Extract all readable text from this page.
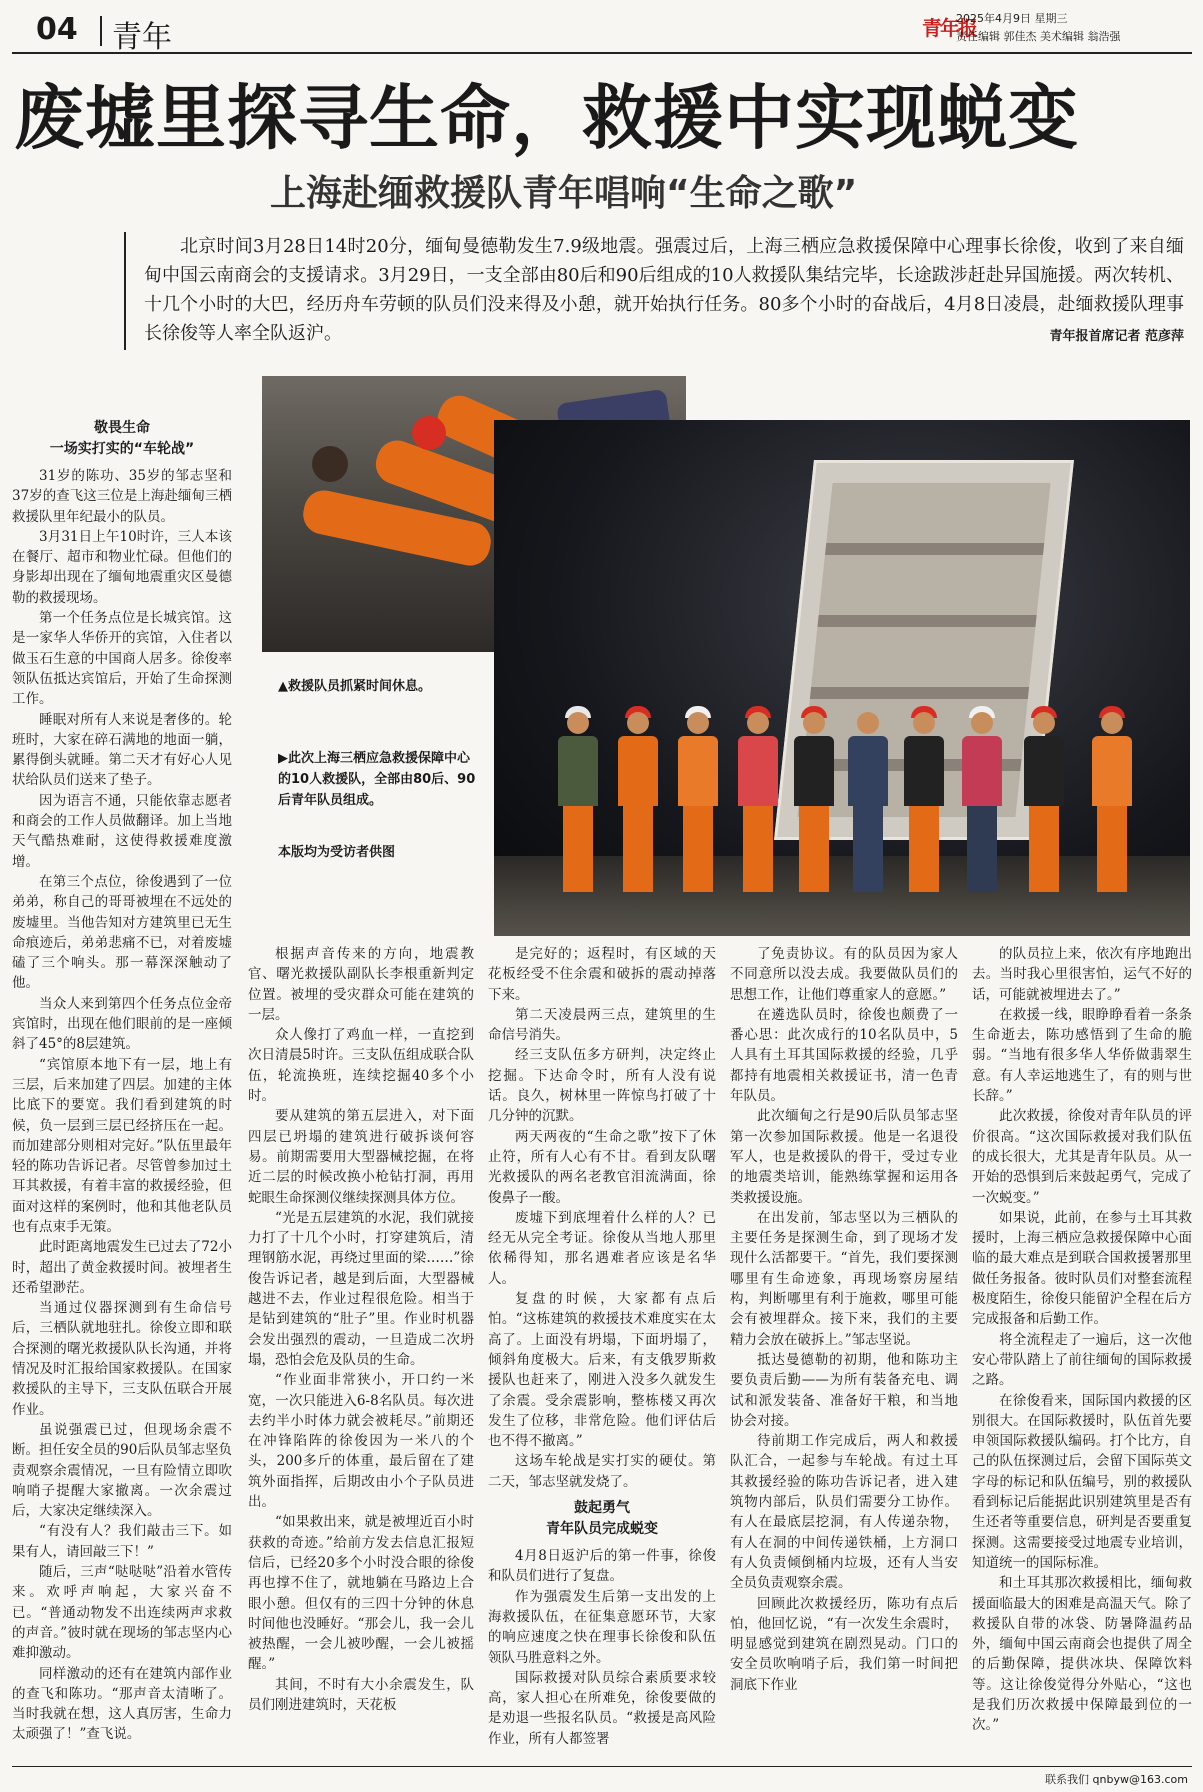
04 青年	青年报
2025年4月9日 星期三
责任编辑 郭佳杰 美术编辑 翁浩强
废墟里探寻生命，救援中实现蜕变
上海赴缅救援队青年唱响“生命之歌”
北京时间3月28日14时20分，缅甸曼德勒发生7.9级地震。强震过后，上海三栖应急救援保障中心理事长徐俊，收到了来自缅甸中国云南商会的支援请求。3月29日，一支全部由80后和90后组成的10人救援队集结完毕，长途跋涉赶赴异国施援。两次转机、十几个小时的大巴，经历舟车劳顿的队员们没来得及小憩，就开始执行任务。80多个小时的奋战后，4月8日凌晨，赴缅救援队理事长徐俊等人率全队返沪。	青年报首席记者 范彦萍
▲救援队员抓紧时间休息。
▶此次上海三栖应急救援保障中心的10人救援队，全部由80后、90后青年队员组成。
本版均为受访者供图
敬畏生命
一场实打实的“车轮战”

31岁的陈功、35岁的邹志坚和37岁的查飞这三位是上海赴缅甸三栖救援队里年纪最小的队员。

3月31日上午10时许，三人本该在餐厅、超市和物业忙碌。但他们的身影却出现在了缅甸地震重灾区曼德勒的救援现场。

第一个任务点位是长城宾馆。这是一家华人华侨开的宾馆，入住者以做玉石生意的中国商人居多。徐俊率领队伍抵达宾馆后，开始了生命探测工作。

睡眠对所有人来说是奢侈的。轮班时，大家在碎石满地的地面一躺，累得倒头就睡。第二天才有好心人见状给队员们送来了垫子。

因为语言不通，只能依靠志愿者和商会的工作人员做翻译。加上当地天气酷热难耐，这使得救援难度激增。

在第三个点位，徐俊遇到了一位弟弟，称自己的哥哥被埋在不远处的废墟里。当他告知对方建筑里已无生命痕迹后，弟弟悲痛不已，对着废墟磕了三个响头。那一幕深深触动了他。

当众人来到第四个任务点位金帝宾馆时，出现在他们眼前的是一座倾斜了45°的8层建筑。

“宾馆原本地下有一层，地上有三层，后来加建了四层。加建的主体比底下的要宽。我们看到建筑的时候，负一层到三层已经挤压在一起。而加建部分则相对完好。”队伍里最年轻的陈功告诉记者。尽管曾参加过土耳其救援，有着丰富的救援经验，但面对这样的案例时，他和其他老队员也有点束手无策。

此时距离地震发生已过去了72小时，超出了黄金救援时间。被埋者生还希望渺茫。

当通过仪器探测到有生命信号后，三栖队就地驻扎。徐俊立即和联合探测的曙光救援队队长沟通，并将情况及时汇报给国家救援队。在国家救援队的主导下，三支队伍联合开展作业。

虽说强震已过，但现场余震不断。担任安全员的90后队员邹志坚负责观察余震情况，一旦有险情立即吹响哨子提醒大家撤离。一次余震过后，大家决定继续深入。

“有没有人？我们敲击三下。如果有人，请回敲三下！”

随后，三声“哒哒哒”沿着水管传来。欢呼声响起，大家兴奋不已。“普通动物发不出连续两声求救的声音。”彼时就在现场的邹志坚内心难抑激动。

同样激动的还有在建筑内部作业的查飞和陈功。“那声音太清晰了。当时我就在想，这人真厉害，生命力太顽强了！”查飞说。

根据声音传来的方向，地震教官、曙光救援队副队长李根重新判定位置。被埋的受灾群众可能在建筑的一层。

众人像打了鸡血一样，一直挖到次日清晨5时许。三支队伍组成联合队伍，轮流换班，连续挖掘40多个小时。

要从建筑的第五层进入，对下面四层已坍塌的建筑进行破拆谈何容易。前期需要用大型器械挖掘，在将近二层的时候改换小枪钻打洞，再用蛇眼生命探测仪继续探测具体方位。

“光是五层建筑的水泥，我们就接力打了十几个小时，打穿建筑后，清理钢筋水泥，再绕过里面的梁……”徐俊告诉记者，越是到后面，大型器械越进不去，作业过程很危险。相当于是钻到建筑的“肚子”里。作业时机器会发出强烈的震动，一旦造成二次坍塌，恐怕会危及队员的生命。

“作业面非常狭小，开口约一米宽，一次只能进入6-8名队员。每次进去约半小时体力就会被耗尽。”前期还在冲锋陷阵的徐俊因为一米八的个头，200多斤的体重，最后留在了建筑外面指挥，后期改由小个子队员进出。

“如果救出来，就是被埋近百小时获救的奇迹。”给前方发去信息汇报短信后，已经20多个小时没合眼的徐俊再也撑不住了，就地躺在马路边上合眼小憩。但仅有的三四十分钟的休息时间他也没睡好。“那会儿，我一会儿被热醒，一会儿被吵醒，一会儿被摇醒。”

其间，不时有大小余震发生，队员们刚进建筑时，天花板

是完好的；返程时，有区域的天花板经受不住余震和破拆的震动掉落下来。

第二天凌晨两三点，建筑里的生命信号消失。

经三支队伍多方研判，决定终止挖掘。下达命令时，所有人没有说话。良久，树林里一阵惊鸟打破了十几分钟的沉默。

两天两夜的“生命之歌”按下了休止符，所有人心有不甘。看到友队曙光救援队的两名老教官泪流满面，徐俊鼻子一酸。

废墟下到底埋着什么样的人？已经无从完全考证。徐俊从当地人那里依稀得知，那名遇难者应该是名华人。

复盘的时候，大家都有点后怕。“这栋建筑的救援技术难度实在太高了。上面没有坍塌，下面坍塌了，倾斜角度极大。后来，有支俄罗斯救援队也赶来了，刚进入没多久就发生了余震。受余震影响，整栋楼又再次发生了位移，非常危险。他们评估后也不得不撤离。”

这场车轮战是实打实的硬仗。第二天，邹志坚就发烧了。

鼓起勇气
青年队员完成蜕变

4月8日返沪后的第一件事，徐俊和队员们进行了复盘。

作为强震发生后第一支出发的上海救援队伍，在征集意愿环节，大家的响应速度之快在理事长徐俊和队伍领队马胜意料之外。

国际救援对队员综合素质要求较高，家人担心在所难免，徐俊要做的是劝退一些报名队员。“救援是高风险作业，所有人都签署

了免责协议。有的队员因为家人不同意所以没去成。我要做队员们的思想工作，让他们尊重家人的意愿。”

在遴选队员时，徐俊也颇费了一番心思：此次成行的10名队员中，5人具有土耳其国际救援的经验，几乎都持有地震相关救援证书，清一色青年队员。

此次缅甸之行是90后队员邹志坚第一次参加国际救援。他是一名退役军人，也是救援队的骨干，受过专业的地震类培训，能熟练掌握和运用各类救援设施。

在出发前，邹志坚以为三栖队的主要任务是探测生命，到了现场才发现什么活都要干。“首先，我们要探测哪里有生命迹象，再现场察房屋结构，判断哪里有利于施救，哪里可能会有被埋群众。接下来，我们的主要精力会放在破拆上。”邹志坚说。

抵达曼德勒的初期，他和陈功主要负责后勤——为所有装备充电、调试和派发装备、准备好干粮，和当地协会对接。

待前期工作完成后，两人和救援队汇合，一起参与车轮战。有过土耳其救援经验的陈功告诉记者，进入建筑物内部后，队员们需要分工协作。有人在最底层挖洞，有人传递杂物，有人在洞的中间传递铁桶，上方洞口有人负责倾倒桶内垃圾，还有人当安全员负责观察余震。

回顾此次救援经历，陈功有点后怕，他回忆说，“有一次发生余震时，明显感觉到建筑在剧烈晃动。门口的安全员吹响哨子后，我们第一时间把洞底下作业

的队员拉上来，依次有序地跑出去。当时我心里很害怕，运气不好的话，可能就被埋进去了。”

在救援一线，眼睁睁看着一条条生命逝去，陈功感悟到了生命的脆弱。“当地有很多华人华侨做翡翠生意。有人幸运地逃生了，有的则与世长辞。”

此次救援，徐俊对青年队员的评价很高。“这次国际救援对我们队伍的成长很大，尤其是青年队员。从一开始的恐惧到后来鼓起勇气，完成了一次蜕变。”

如果说，此前，在参与土耳其救援时，上海三栖应急救援保障中心面临的最大难点是到联合国救援署那里做任务报备。彼时队员们对整套流程极度陌生，徐俊只能留沪全程在后方完成报备和后勤工作。

将全流程走了一遍后，这一次他安心带队踏上了前往缅甸的国际救援之路。

在徐俊看来，国际国内救援的区别很大。在国际救援时，队伍首先要申领国际救援队编码。打个比方，自己的队伍探测过后，会留下国际英文字母的标记和队伍编号，别的救援队看到标记后能据此识别建筑里是否有生还者等重要信息，研判是否要重复探测。这需要接受过地震专业培训，知道统一的国际标准。

和土耳其那次救援相比，缅甸救援面临最大的困难是高温天气。除了救援队自带的冰袋、防暑降温药品外，缅甸中国云南商会也提供了周全的后勤保障，提供冰块、保障饮料等。这让徐俊觉得分外贴心，“这也是我们历次救援中保障最到位的一次。”

联系我们 qnbyw@163.com
